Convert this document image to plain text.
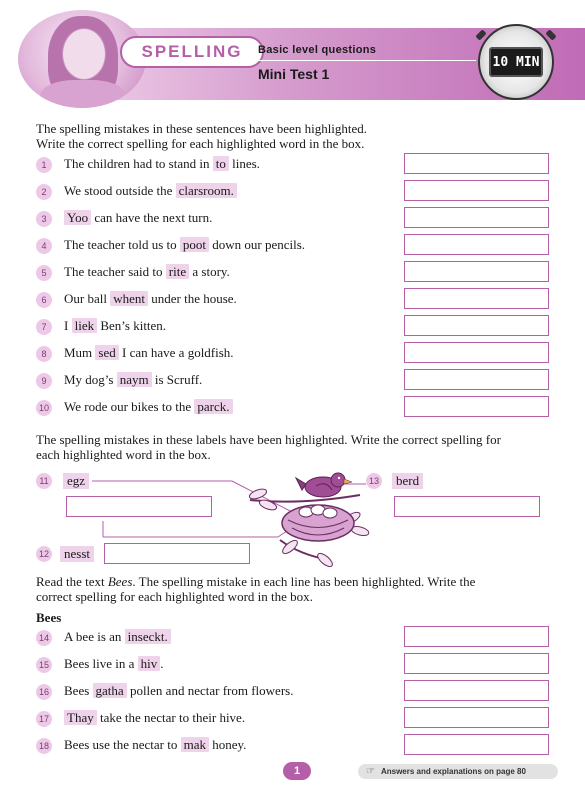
SPELLING	Basic level questions
Mini Test 1
10 MIN
The spelling mistakes in these sentences have been highlighted.
Write the correct spelling for each highlighted word in the box.
1	The children had to stand in to lines.
2	We stood outside the clarsroom.
3	Yoo can have the next turn.
4	The teacher told us to poot down our pencils.
5	The teacher said to rite a story.
6	Our ball whent under the house.
7	I liek Ben’s kitten.
8	Mum sed I can have a goldfish.
9	My dog’s naym is Scruff.
10 We rode our bikes to the parck.
The spelling mistakes in these labels have been highlighted. Write the correct spelling for
each highlighted word in the box.
11	egz
12	nesst
13	berd
Read the text Bees. The spelling mistake in each line has been highlighted. Write the
correct spelling for each highlighted word in the box.
Bees
14 A bee is an inseckt.
15 Bees live in a hiv .
16 Bees gatha pollen and nectar from flowers.
17 Thay take the nectar to their hive.
18 Bees use the nectar to mak honey.
1	☞ Answers and explanations on page 80
